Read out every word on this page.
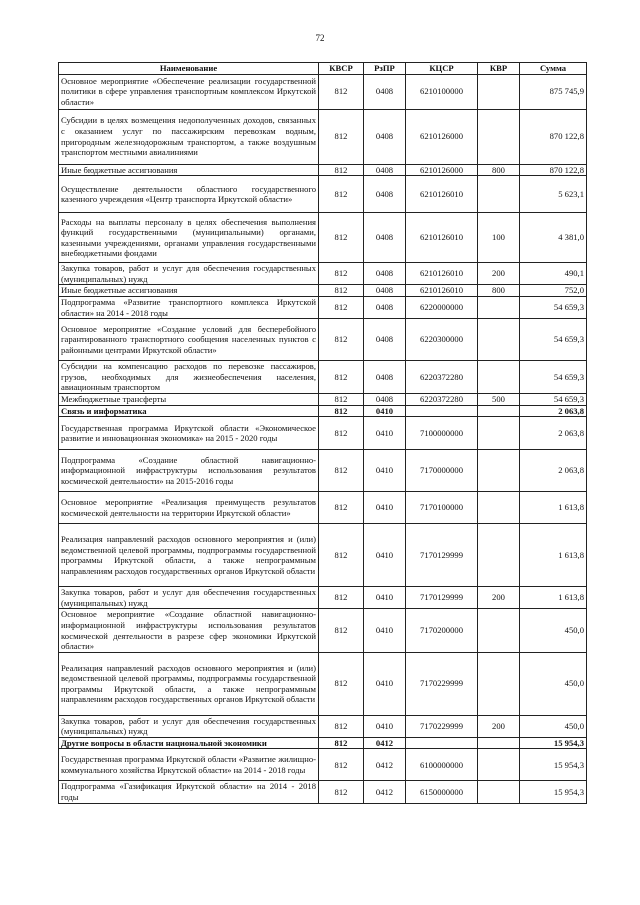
72
Наименование	КВСР	РзПР	КЦСР	КВР	Сумма
Основное мероприятие «Обеспечение реализации государственной политики в сфере управления транспортным комплексом Иркутской области»	812	0408	6210100000		875 745,9
Субсидии в целях возмещения недополученных доходов, связанных с оказанием услуг по пассажирским перевозкам водным, пригородным железнодорожным транспортом, а также воздушным транспортом местными авиалиниями	812	0408	6210126000		870 122,8
Иные бюджетные ассигнования	812	0408	6210126000	800	870 122,8
Осуществление деятельности областного государственного казенного учреждения «Центр транспорта Иркутской области»	812	0408	6210126010		5 623,1
Расходы на выплаты персоналу в целях обеспечения выполнения функций государственными (муниципальными) органами, казенными учреждениями, органами управления государственными внебюджетными фондами	812	0408	6210126010	100	4 381,0
Закупка товаров, работ и услуг для обеспечения государственных (муниципальных) нужд	812	0408	6210126010	200	490,1
Иные бюджетные ассигнования	812	0408	6210126010	800	752,0
Подпрограмма «Развитие транспортного комплекса Иркутской области» на 2014 - 2018 годы	812	0408	6220000000		54 659,3
Основное мероприятие «Создание условий для бесперебойного гарантированного транспортного сообщения населенных пунктов с районными центрами Иркутской области»	812	0408	6220300000		54 659,3
Субсидии на компенсацию расходов по перевозке пассажиров, грузов, необходимых для жизнеобеспечения населения, авиационным транспортом	812	0408	6220372280		54 659,3
Межбюджетные трансферты	812	0408	6220372280	500	54 659,3
Связь и информатика	812	0410			2 063,8
Государственная программа Иркутской области «Экономическое развитие и инновационная экономика» на 2015 - 2020 годы	812	0410	7100000000		2 063,8
Подпрограмма «Создание областной навигационно-информационной инфраструктуры использования результатов космической деятельности» на 2015-2016 годы	812	0410	7170000000		2 063,8
Основное мероприятие «Реализация преимуществ результатов космической деятельности на территории Иркутской области»	812	0410	7170100000		1 613,8
Реализация направлений расходов основного мероприятия и (или) ведомственной целевой программы, подпрограммы государственной программы Иркутской области, а также непрограммным направлениям расходов государственных органов Иркутской области	812	0410	7170129999		1 613,8
Закупка товаров, работ и услуг для обеспечения государственных (муниципальных) нужд	812	0410	7170129999	200	1 613,8
Основное мероприятие «Создание областной навигационно-информационной инфраструктуры использования результатов космической деятельности в разрезе сфер экономики Иркутской области»	812	0410	7170200000		450,0
Реализация направлений расходов основного мероприятия и (или) ведомственной целевой программы, подпрограммы государственной программы Иркутской области, а также непрограммным направлениям расходов государственных органов Иркутской области	812	0410	7170229999		450,0
Закупка товаров, работ и услуг для обеспечения государственных (муниципальных) нужд	812	0410	7170229999	200	450,0
Другие вопросы в области национальной экономики	812	0412			15 954,3
Государственная программа Иркутской области «Развитие жилищно-коммунального хозяйства Иркутской области» на 2014 - 2018 годы	812	0412	6100000000		15 954,3
Подпрограмма «Газификация Иркутской области» на 2014 - 2018 годы	812	0412	6150000000		15 954,3
